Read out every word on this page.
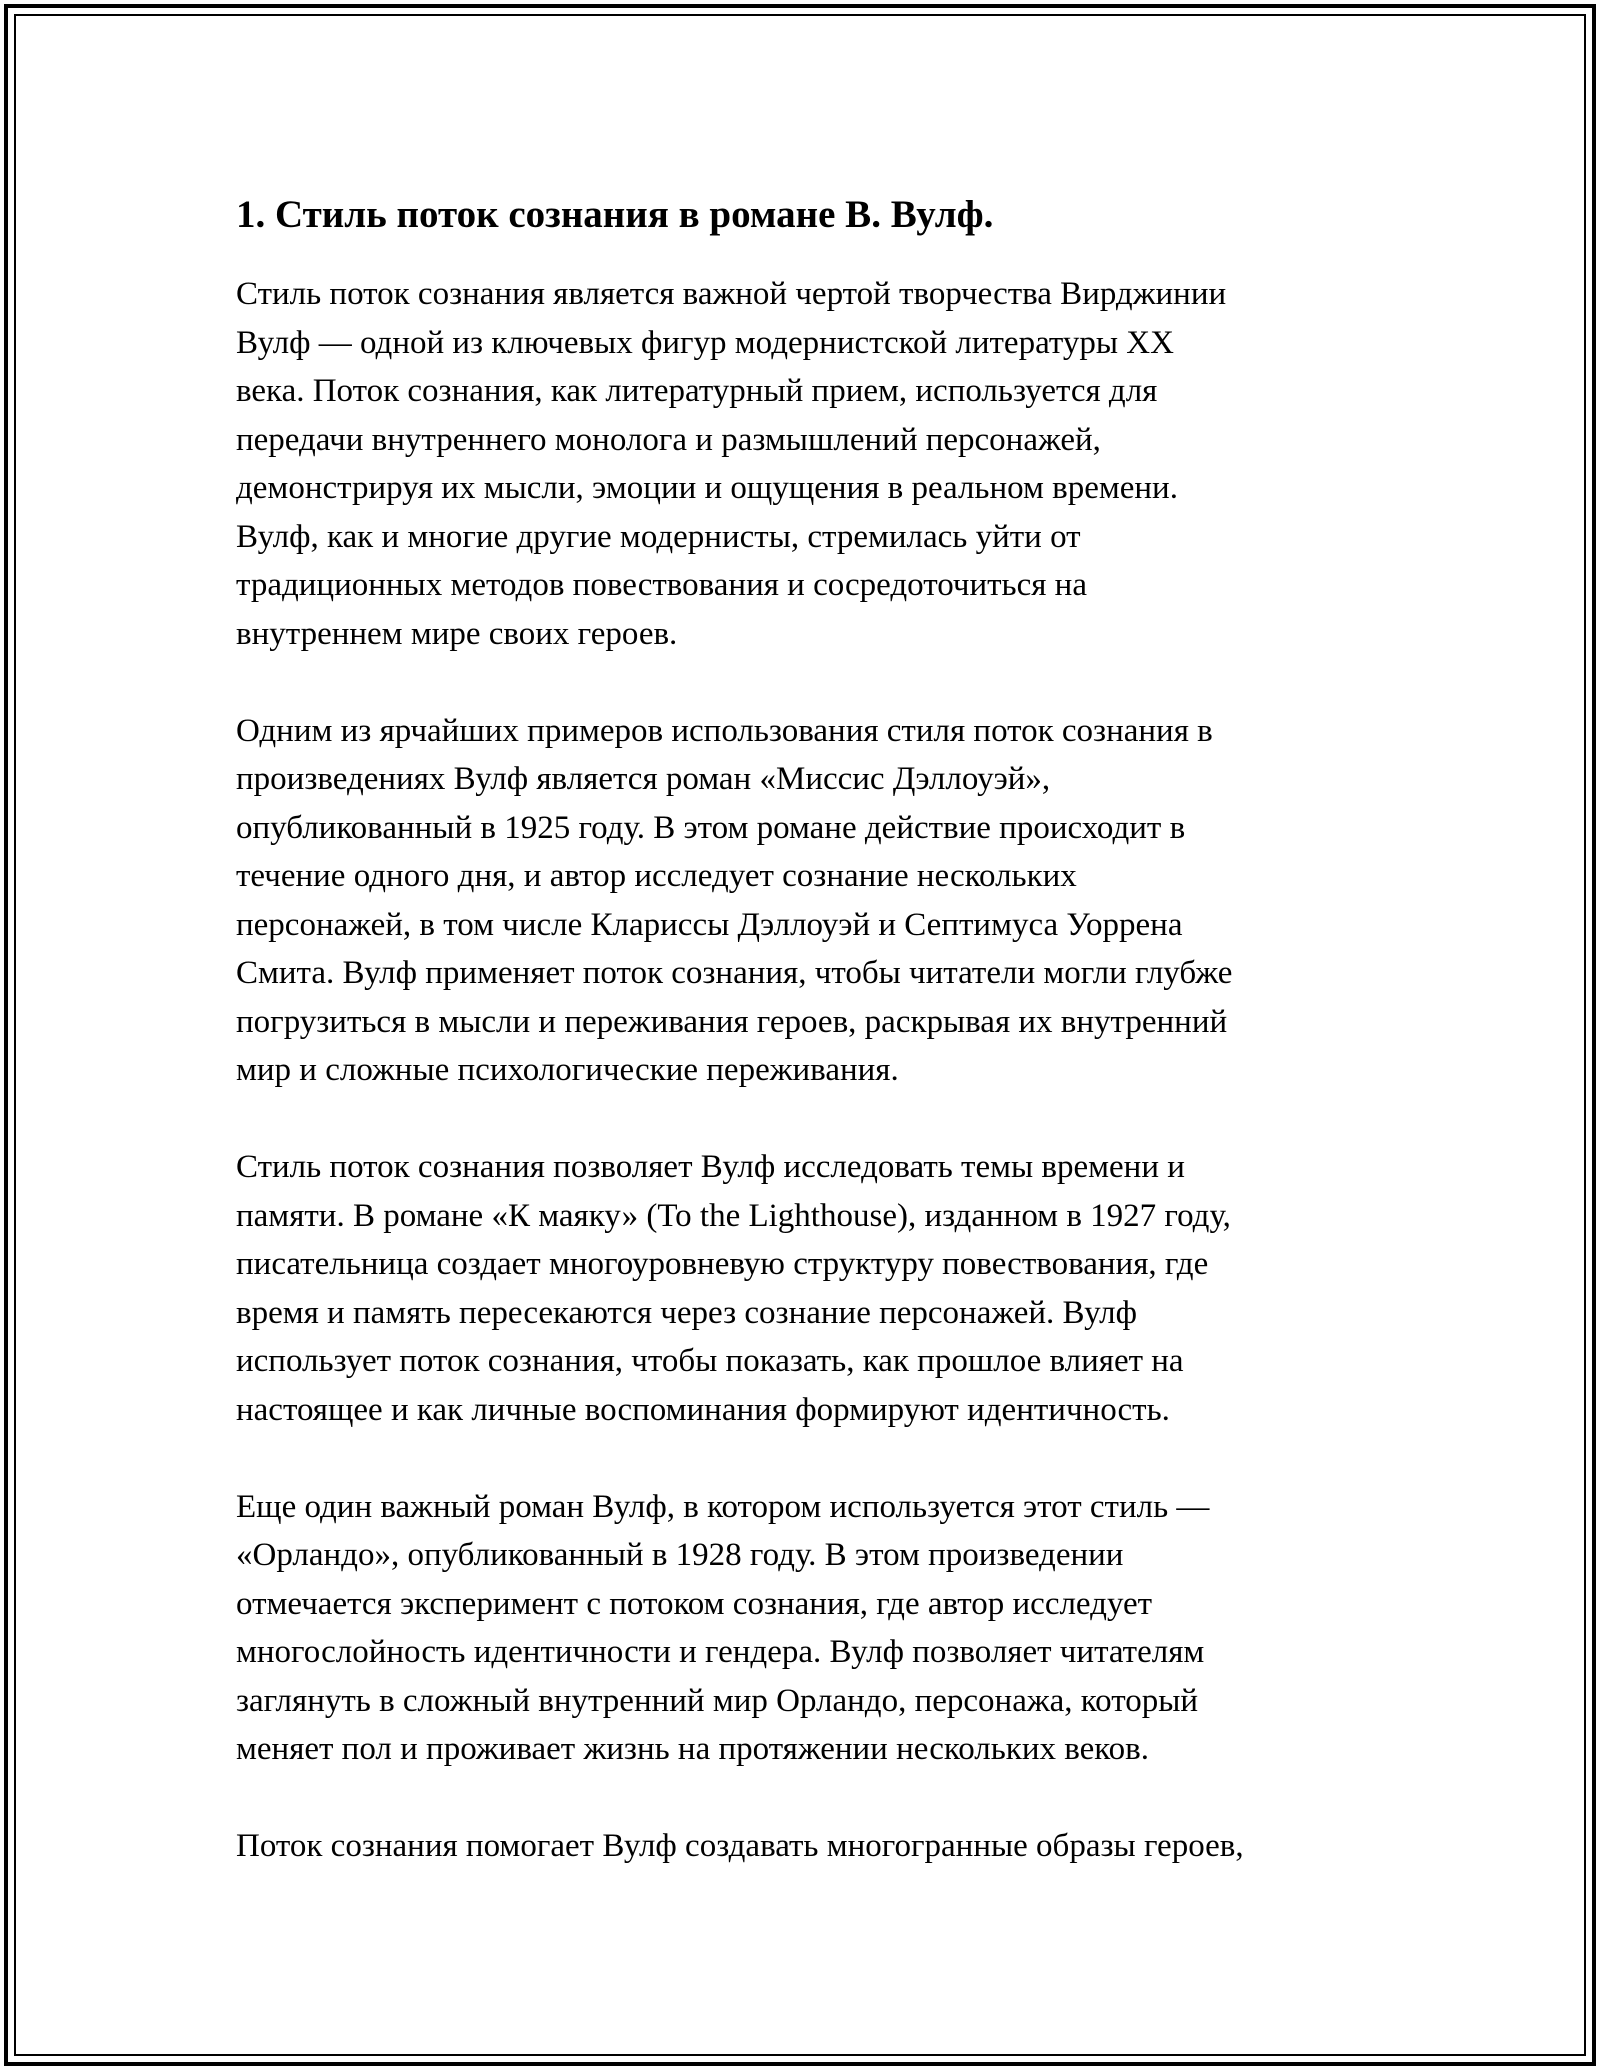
1. Стиль поток сознания в романе В. Вулф.

Стиль поток сознания является важной чертой творчества Вирджинии
Вулф — одной из ключевых фигур модернистской литературы XX
века. Поток сознания, как литературный прием, используется для
передачи внутреннего монолога и размышлений персонажей,
демонстрируя их мысли, эмоции и ощущения в реальном времени.
Вулф, как и многие другие модернисты, стремилась уйти от
традиционных методов повествования и сосредоточиться на
внутреннем мире своих героев.

Одним из ярчайших примеров использования стиля поток сознания в
произведениях Вулф является роман «Миссис Дэллоуэй»,
опубликованный в 1925 году. В этом романе действие происходит в
течение одного дня, и автор исследует сознание нескольких
персонажей, в том числе Клариссы Дэллоуэй и Септимуса Уоррена
Смита. Вулф применяет поток сознания, чтобы читатели могли глубже
погрузиться в мысли и переживания героев, раскрывая их внутренний
мир и сложные психологические переживания.

Стиль поток сознания позволяет Вулф исследовать темы времени и
памяти. В романе «К маяку» (To the Lighthouse), изданном в 1927 году,
писательница создает многоуровневую структуру повествования, где
время и память пересекаются через сознание персонажей. Вулф
использует поток сознания, чтобы показать, как прошлое влияет на
настоящее и как личные воспоминания формируют идентичность.

Еще один важный роман Вулф, в котором используется этот стиль —
«Орландо», опубликованный в 1928 году. В этом произведении
отмечается эксперимент с потоком сознания, где автор исследует
многослойность идентичности и гендера. Вулф позволяет читателям
заглянуть в сложный внутренний мир Орландо, персонажа, который
меняет пол и проживает жизнь на протяжении нескольких веков.

Поток сознания помогает Вулф создавать многогранные образы героев,
